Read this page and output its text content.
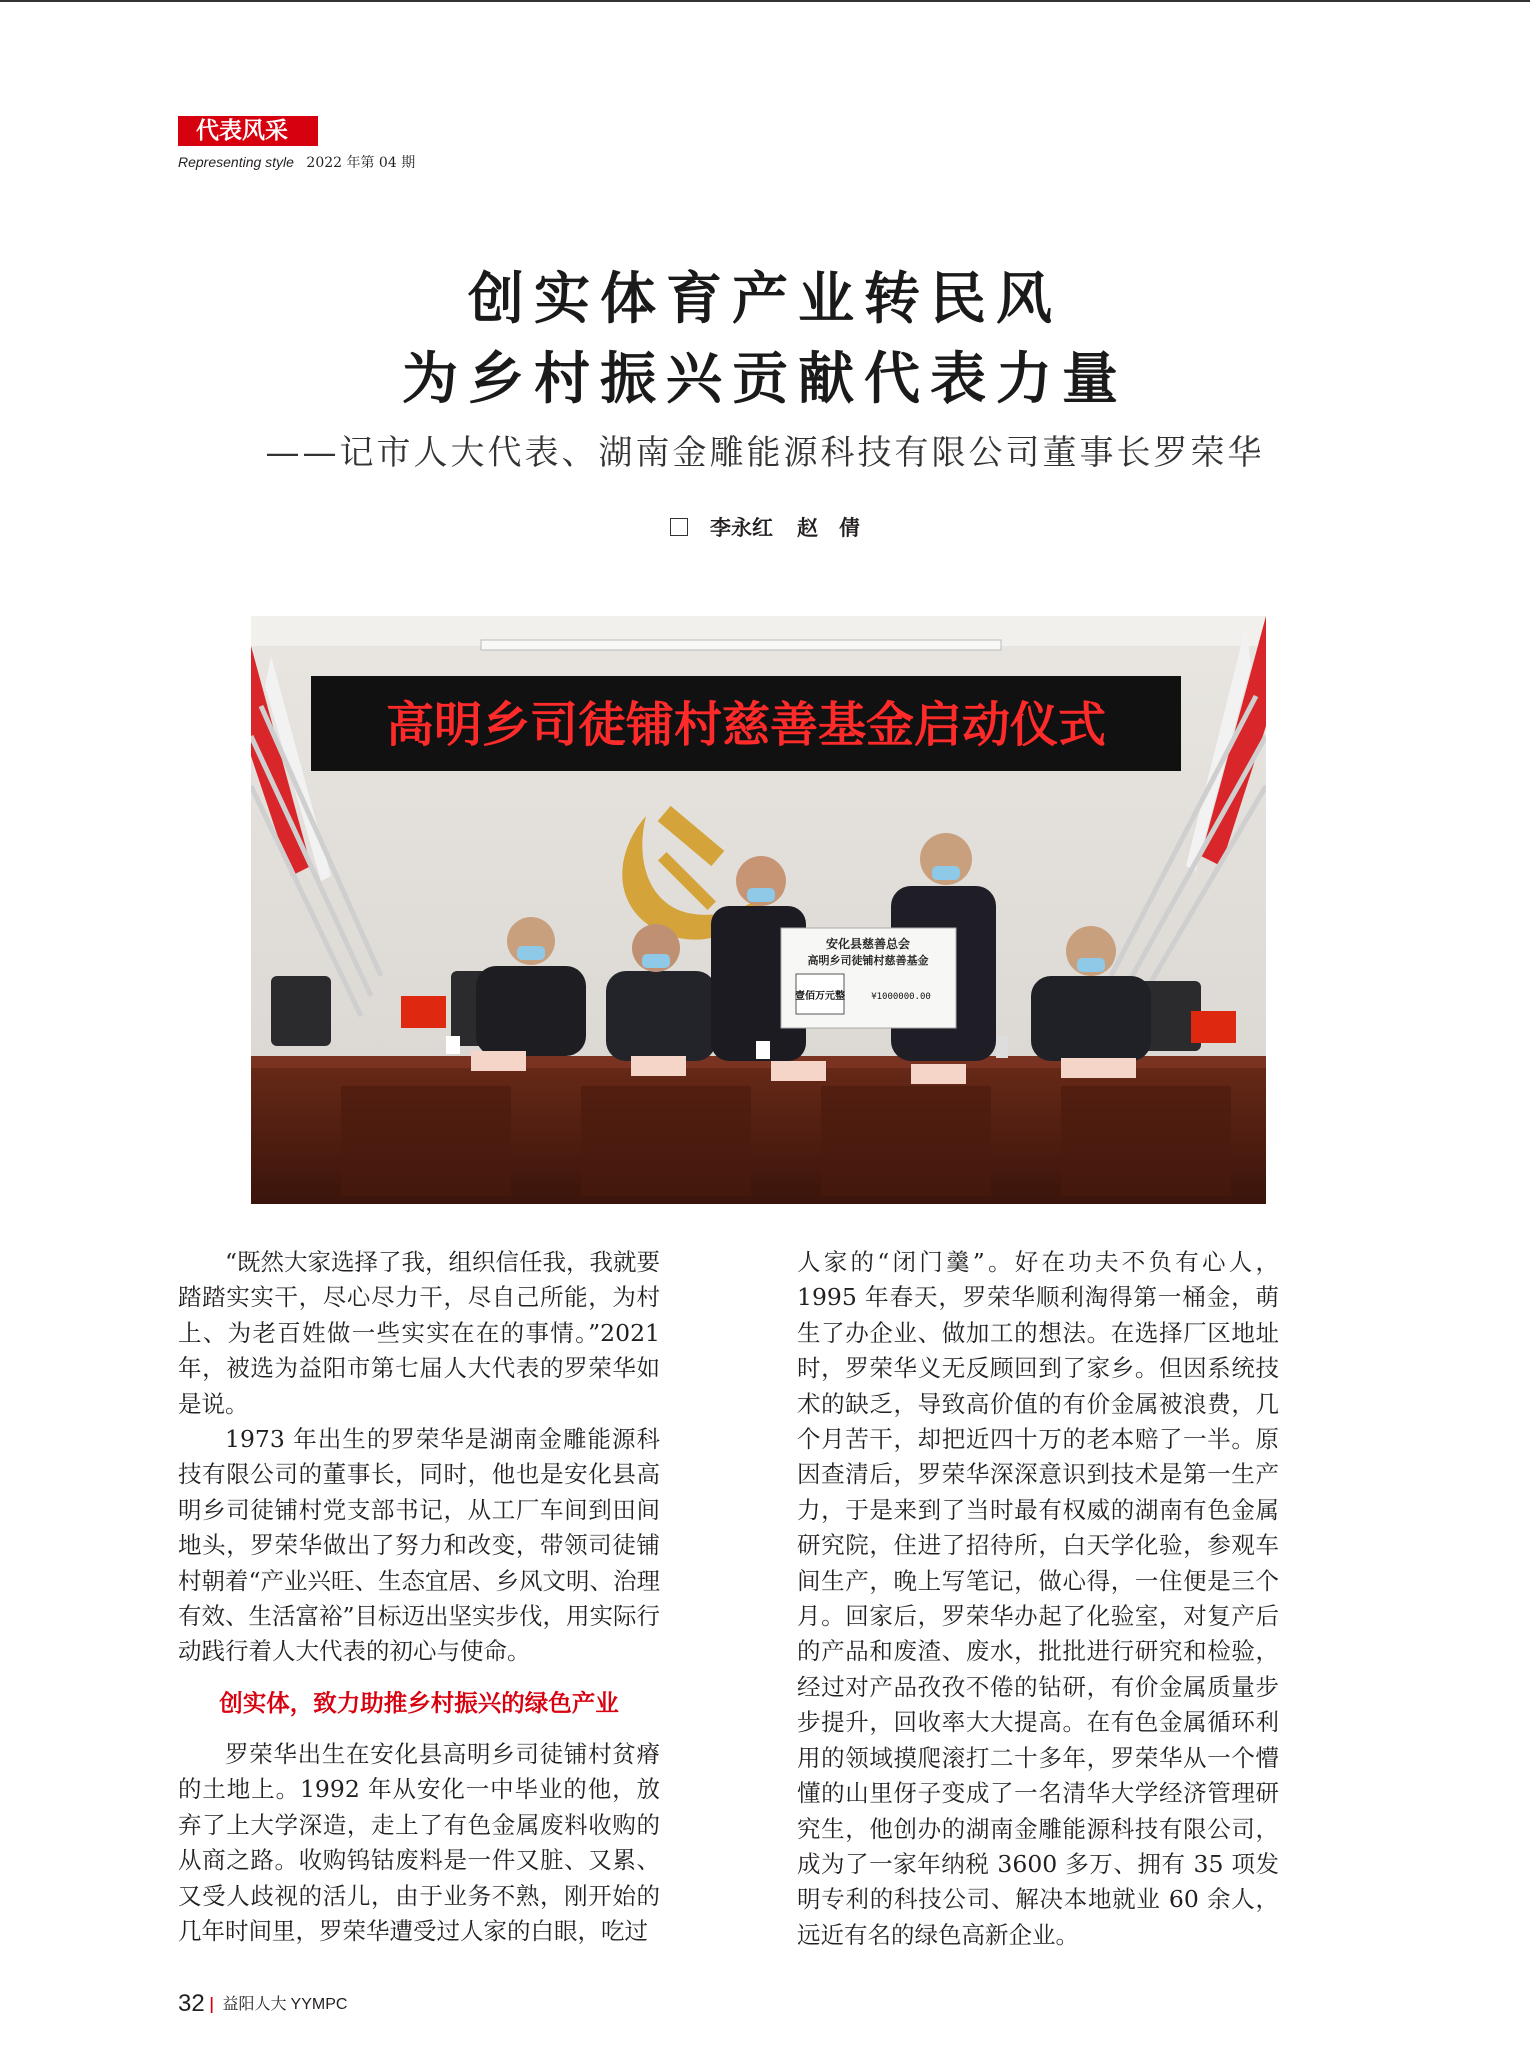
代表风采
Representing style 2022 年第 04 期
创实体育产业转民风
为乡村振兴贡献代表力量
——记市人大代表、湖南金雕能源科技有限公司董事长罗荣华
李永红 赵　倩
高明乡司徒铺村慈善基金启动仪式
安化县慈善总会
高明乡司徒铺村慈善基金
壹佰万元整	¥1000000.00

“既然大家选择了我，组织信任我，我就要踏踏实实干，尽心尽力干，尽自己所能，为村上、为老百姓做一些实实在在的事情。”2021 年，被选为益阳市第七届人大代表的罗荣华如是说。

1973 年出生的罗荣华是湖南金雕能源科技有限公司的董事长，同时，他也是安化县高明乡司徒铺村党支部书记，从工厂车间到田间地头，罗荣华做出了努力和改变，带领司徒铺村朝着“产业兴旺、生态宜居、乡风文明、治理有效、生活富裕”目标迈出坚实步伐，用实际行动践行着人大代表的初心与使命。

创实体，致力助推乡村振兴的绿色产业

罗荣华出生在安化县高明乡司徒铺村贫瘠的土地上。1992 年从安化一中毕业的他，放弃了上大学深造，走上了有色金属废料收购的从商之路。收购钨钴废料是一件又脏、又累、又受人歧视的活儿，由于业务不熟，刚开始的几年时间里，罗荣华遭受过人家的白眼，吃过

人家的“闭门羹”。好在功夫不负有心人，1995 年春天，罗荣华顺利淘得第一桶金，萌生了办企业、做加工的想法。在选择厂区地址时，罗荣华义无反顾回到了家乡。但因系统技术的缺乏，导致高价值的有价金属被浪费，几个月苦干，却把近四十万的老本赔了一半。原因查清后，罗荣华深深意识到技术是第一生产力，于是来到了当时最有权威的湖南有色金属研究院，住进了招待所，白天学化验，参观车间生产，晚上写笔记，做心得，一住便是三个月。回家后，罗荣华办起了化验室，对复产后的产品和废渣、废水，批批进行研究和检验，经过对产品孜孜不倦的钻研，有价金属质量步步提升，回收率大大提高。在有色金属循环利用的领域摸爬滚打二十多年，罗荣华从一个懵懂的山里伢子变成了一名清华大学经济管理研究生，他创办的湖南金雕能源科技有限公司，成为了一家年纳税 3600 多万、拥有 35 项发明专利的科技公司、解决本地就业 60 余人，远近有名的绿色高新企业。

32 | 益阳人大 YYMPC
